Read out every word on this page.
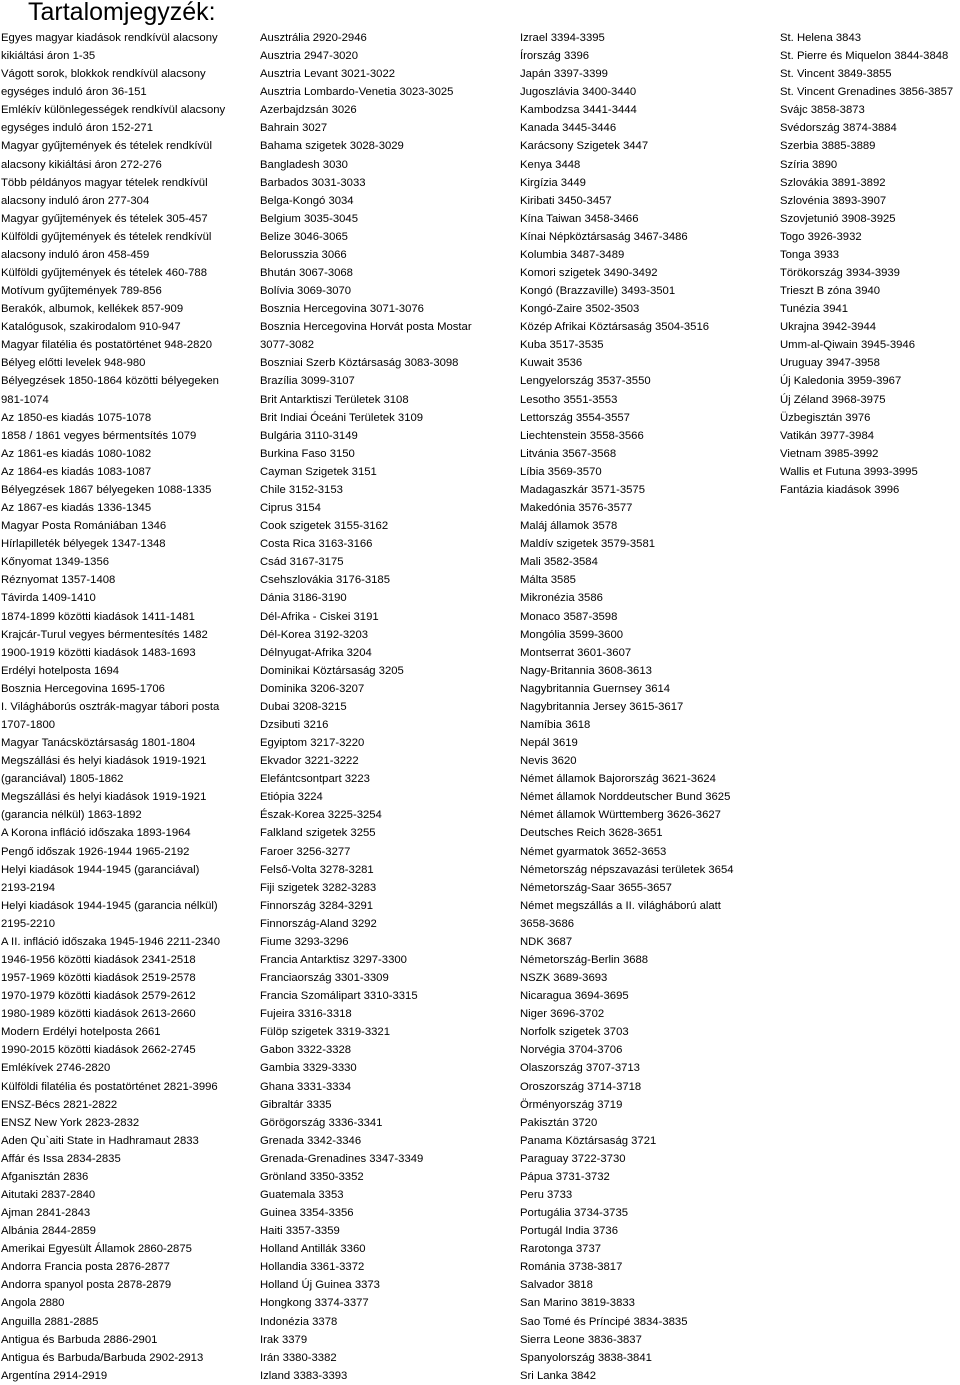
Tartalomjegyzék:
Egyes magyar kiadások rendkívül alacsony
kikiáltási áron 1-35
Vágott sorok, blokkok rendkívül alacsony
egységes induló áron 36-151
Emlékív különlegességek rendkívül alacsony
egységes induló áron 152-271
Magyar gyűjtemények és tételek rendkívül
alacsony kikiáltási áron 272-276
Több példányos magyar tételek rendkívül
alacsony induló áron 277-304
Magyar gyűjtemények és tételek 305-457
Külföldi gyűjtemények és tételek rendkívül
alacsony induló áron 458-459
Külföldi gyűjtemények és tételek 460-788
Motívum gyűjtemények 789-856
Berakók, albumok, kellékek 857-909
Katalógusok, szakirodalom 910-947
Magyar filatélia és postatörténet 948-2820
Bélyeg előtti levelek 948-980
Bélyegzések 1850-1864 közötti bélyegeken
981-1074
Az 1850-es kiadás 1075-1078
1858 / 1861 vegyes bérmentsítés 1079
Az 1861-es kiadás 1080-1082
Az 1864-es kiadás 1083-1087
Bélyegzések 1867 bélyegeken 1088-1335
Az 1867-es kiadás 1336-1345
Magyar Posta Romániában 1346
Hírlapilleték bélyegek 1347-1348
Kőnyomat 1349-1356
Réznyomat 1357-1408
Távirda 1409-1410
1874-1899 közötti kiadások 1411-1481
Krajcár-Turul vegyes bérmentesítés 1482
1900-1919 közötti kiadások 1483-1693
Erdélyi hotelposta 1694
Bosznia Hercegovina 1695-1706
I. Világháborús osztrák-magyar tábori posta
1707-1800
Magyar Tanácsköztársaság 1801-1804
Megszállási és helyi kiadások 1919-1921
(garanciával) 1805-1862
Megszállási és helyi kiadások 1919-1921
(garancia nélkül) 1863-1892
A Korona infláció időszaka 1893-1964
Pengő időszak 1926-1944 1965-2192
Helyi kiadások 1944-1945 (garanciával)
2193-2194
Helyi kiadások 1944-1945 (garancia nélkül)
2195-2210
A II. infláció időszaka 1945-1946 2211-2340
1946-1956 közötti kiadások 2341-2518
1957-1969 közötti kiadások 2519-2578
1970-1979 közötti kiadások 2579-2612
1980-1989 közötti kiadások 2613-2660
Modern Erdélyi hotelposta 2661
1990-2015 közötti kiadások 2662-2745
Emlékívek 2746-2820
Külföldi filatélia és postatörténet 2821-3996
ENSZ-Bécs 2821-2822
ENSZ New York 2823-2832
Aden Qu`aiti State in Hadhramaut 2833
Affár és Issa 2834-2835
Afganisztán 2836
Aitutaki 2837-2840
Ajman 2841-2843
Albánia 2844-2859
Amerikai Egyesült Államok 2860-2875
Andorra Francia posta 2876-2877
Andorra spanyol posta 2878-2879
Angola 2880
Anguilla 2881-2885
Antigua és Barbuda 2886-2901
Antigua és Barbuda/Barbuda 2902-2913
Argentína 2914-2919
Ausztrália 2920-2946
Ausztria 2947-3020
Ausztria Levant 3021-3022
Ausztria Lombardo-Venetia 3023-3025
Azerbajdzsán 3026
Bahrain 3027
Bahama szigetek 3028-3029
Bangladesh 3030
Barbados 3031-3033
Belga-Kongó 3034
Belgium 3035-3045
Belize 3046-3065
Belorusszia 3066
Bhután 3067-3068
Bolívia 3069-3070
Bosznia Hercegovina 3071-3076
Bosznia Hercegovina Horvát posta Mostar
3077-3082
Boszniai Szerb Köztársaság 3083-3098
Brazília 3099-3107
Brit Antarktiszi Területek 3108
Brit Indiai Óceáni Területek 3109
Bulgária 3110-3149
Burkina Faso 3150
Cayman Szigetek 3151
Chile 3152-3153
Ciprus 3154
Cook szigetek 3155-3162
Costa Rica 3163-3166
Csád 3167-3175
Csehszlovákia 3176-3185
Dánia 3186-3190
Dél-Afrika - Ciskei 3191
Dél-Korea 3192-3203
Délnyugat-Afrika 3204
Dominikai Köztársaság 3205
Dominika 3206-3207
Dubai 3208-3215
Dzsibuti 3216
Egyiptom 3217-3220
Ekvador 3221-3222
Elefántcsontpart 3223
Etiópia 3224
Észak-Korea 3225-3254
Falkland szigetek 3255
Faroer 3256-3277
Felső-Volta 3278-3281
Fiji szigetek 3282-3283
Finnország 3284-3291
Finnország-Aland 3292
Fiume 3293-3296
Francia Antarktisz 3297-3300
Franciaország 3301-3309
Francia Szomálipart 3310-3315
Fujeira 3316-3318
Fülöp szigetek 3319-3321
Gabon 3322-3328
Gambia 3329-3330
Ghana 3331-3334
Gibraltár 3335
Görögország 3336-3341
Grenada 3342-3346
Grenada-Grenadines 3347-3349
Grönland 3350-3352
Guatemala 3353
Guinea 3354-3356
Haiti 3357-3359
Holland Antillák 3360
Hollandia 3361-3372
Holland Új Guinea 3373
Hongkong 3374-3377
Indonézia 3378
Irak 3379
Irán 3380-3382
Izland 3383-3393
Izrael 3394-3395
Írország 3396
Japán 3397-3399
Jugoszlávia 3400-3440
Kambodzsa 3441-3444
Kanada 3445-3446
Karácsony Szigetek 3447
Kenya 3448
Kirgízia 3449
Kiribati 3450-3457
Kína Taiwan 3458-3466
Kínai Népköztársaság 3467-3486
Kolumbia 3487-3489
Komori szigetek 3490-3492
Kongó (Brazzaville) 3493-3501
Kongó-Zaire 3502-3503
Közép Afrikai Köztársaság 3504-3516
Kuba 3517-3535
Kuwait 3536
Lengyelország 3537-3550
Lesotho 3551-3553
Lettország 3554-3557
Liechtenstein 3558-3566
Litvánia 3567-3568
Líbia 3569-3570
Madagaszkár 3571-3575
Makedónia 3576-3577
Maláj államok 3578
Maldív szigetek 3579-3581
Mali 3582-3584
Málta 3585
Mikronézia 3586
Monaco 3587-3598
Mongólia 3599-3600
Montserrat 3601-3607
Nagy-Britannia 3608-3613
Nagybritannia Guernsey 3614
Nagybritannia Jersey 3615-3617
Namíbia 3618
Nepál 3619
Nevis 3620
Német államok Bajorország 3621-3624
Német államok Norddeutscher Bund 3625
Német államok Württemberg 3626-3627
Deutsches Reich 3628-3651
Német gyarmatok 3652-3653
Németország népszavazási területek 3654
Németország-Saar 3655-3657
Német megszállás a II. világháború alatt
3658-3686
NDK 3687
Németország-Berlin 3688
NSZK 3689-3693
Nicaragua 3694-3695
Niger 3696-3702
Norfolk szigetek 3703
Norvégia 3704-3706
Olaszország 3707-3713
Oroszország 3714-3718
Örményország 3719
Pakisztán 3720
Panama Köztársaság 3721
Paraguay 3722-3730
Pápua 3731-3732
Peru 3733
Portugália 3734-3735
Portugál India 3736
Rarotonga 3737
Románia 3738-3817
Salvador 3818
San Marino 3819-3833
Sao Tomé és Príncipé 3834-3835
Sierra Leone 3836-3837
Spanyolország 3838-3841
Sri Lanka 3842
St. Helena 3843
St. Pierre és Miquelon 3844-3848
St. Vincent 3849-3855
St. Vincent Grenadines 3856-3857
Svájc 3858-3873
Svédország 3874-3884
Szerbia 3885-3889
Szíria 3890
Szlovákia 3891-3892
Szlovénia 3893-3907
Szovjetunió 3908-3925
Togo 3926-3932
Tonga 3933
Törökország 3934-3939
Trieszt B zóna 3940
Tunézia 3941
Ukrajna 3942-3944
Umm-al-Qiwain 3945-3946
Uruguay 3947-3958
Új Kaledonia 3959-3967
Új Zéland 3968-3975
Üzbegisztán 3976
Vatikán 3977-3984
Vietnam 3985-3992
Wallis et Futuna 3993-3995
Fantázia kiadások 3996
